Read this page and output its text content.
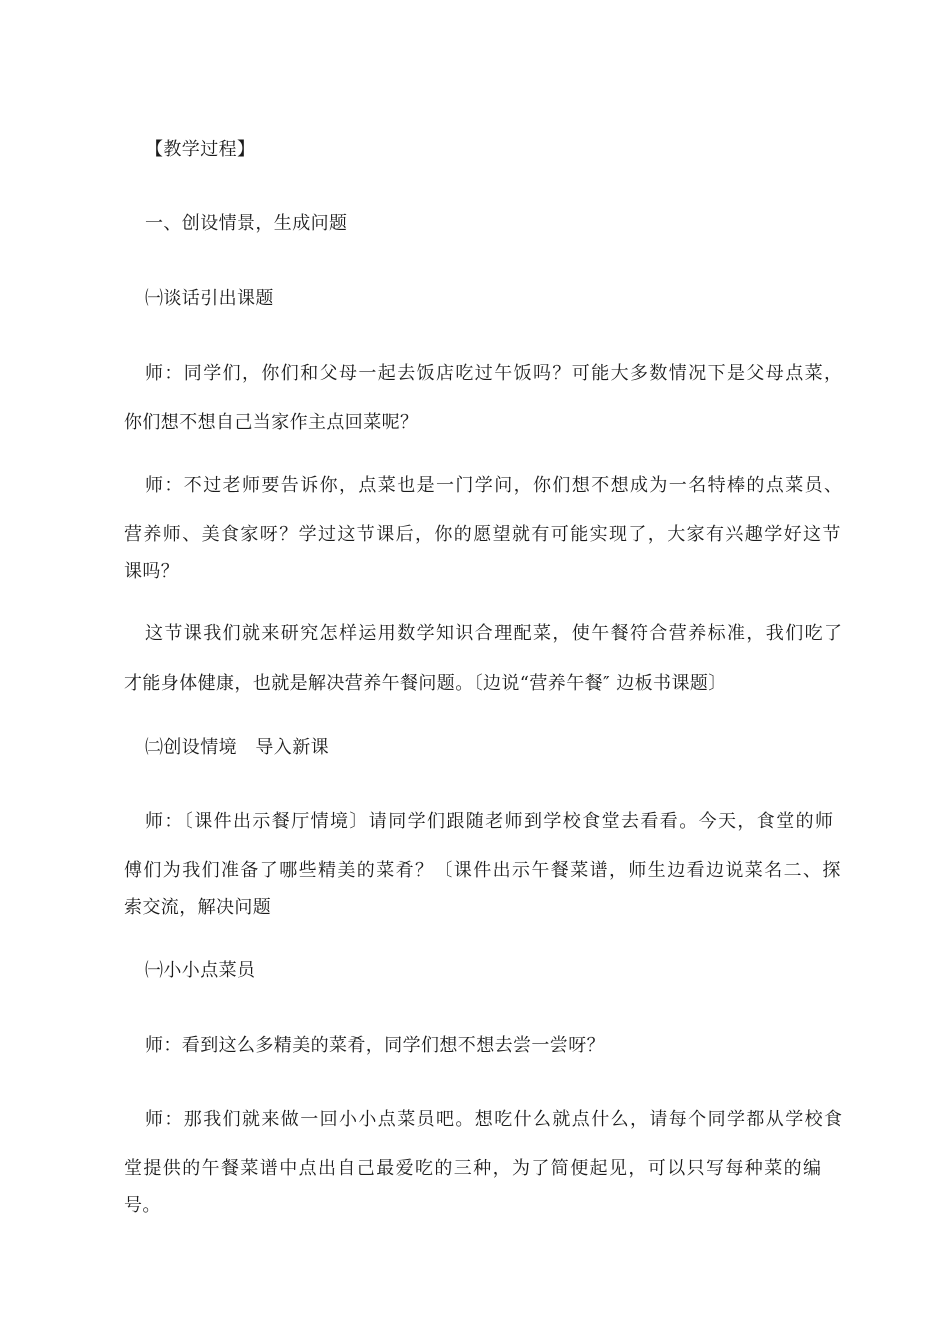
【教学过程】
一、创设情景，生成问题
㈠谈话引出课题
师：同学们，你们和父母一起去饭店吃过午饭吗？可能大多数情况下是父母点菜，
你们想不想自己当家作主点回菜呢？
师：不过老师要告诉你，点菜也是一门学问，你们想不想成为一名特棒的点菜员、
营养师、美食家呀？学过这节课后，你的愿望就有可能实现了，大家有兴趣学好这节
课吗？
这节课我们就来研究怎样运用数学知识合理配菜，使午餐符合营养标准，我们吃了
才能身体健康，也就是解决营养午餐问题。〔边说“营养午餐″ 边板书课题〕
㈡创设情境　导入新课
师：〔课件出示餐厅情境〕请同学们跟随老师到学校食堂去看看。今天，食堂的师
傅们为我们准备了哪些精美的菜肴？〔课件出示午餐菜谱，师生边看边说菜名二、探
索交流，解决问题
㈠小小点菜员
师：看到这么多精美的菜肴，同学们想不想去尝一尝呀？
师：那我们就来做一回小小点菜员吧。想吃什么就点什么，请每个同学都从学校食
堂提供的午餐菜谱中点出自己最爱吃的三种，为了简便起见，可以只写每种菜的编
号。
